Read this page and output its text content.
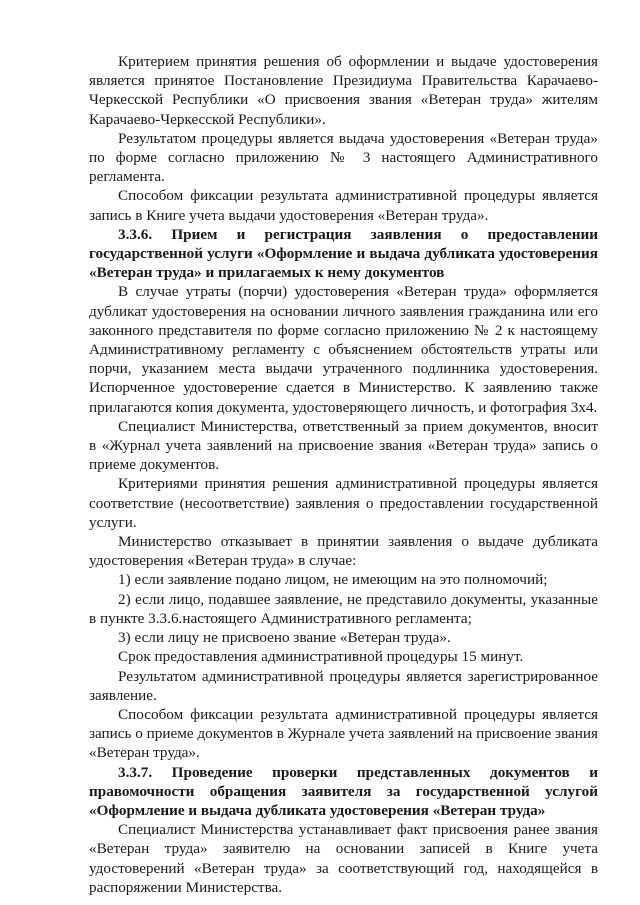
Критерием принятия решения об оформлении и выдаче удостоверения является принятое Постановление Президиума Правительства Карачаево-Черкесской Республики «О присвоения звания «Ветеран труда» жителям Карачаево-Черкесской Республики».

Результатом процедуры является выдача удостоверения «Ветеран труда» по форме согласно приложению № 3 настоящего Административного регламента.

Способом фиксации результата административной процедуры является запись в Книге учета выдачи удостоверения «Ветеран труда».

3.3.6. Прием и регистрация заявления о предоставлении государственной услуги «Оформление и выдача дубликата удостоверения «Ветеран труда» и прилагаемых к нему документов

В случае утраты (порчи) удостоверения «Ветеран труда» оформляется дубликат удостоверения на основании личного заявления гражданина или его законного представителя по форме согласно приложению № 2 к настоящему Административному регламенту с объяснением обстоятельств утраты или порчи, указанием места выдачи утраченного подлинника удостоверения. Испорченное удостоверение сдается в Министерство. К заявлению также прилагаются копия документа, удостоверяющего личность, и фотография 3х4.

Специалист Министерства, ответственный за прием документов, вносит в «Журнал учета заявлений на присвоение звания «Ветеран труда» запись о приеме документов.

Критериями принятия решения административной процедуры является соответствие (несоответствие) заявления о предоставлении государственной услуги.

Министерство отказывает в принятии заявления о выдаче дубликата удостоверения «Ветеран труда» в случае:

1) если заявление подано лицом, не имеющим на это полномочий;

2) если лицо, подавшее заявление, не представило документы, указанные в пункте 3.3.6.настоящего Административного регламента;

3) если лицу не присвоено звание «Ветеран труда».

Срок предоставления административной процедуры 15 минут.

Результатом административной процедуры является зарегистрированное заявление.

Способом фиксации результата административной процедуры является запись о приеме документов в Журнале учета заявлений на присвоение звания «Ветеран труда».

3.3.7. Проведение проверки представленных документов и правомочности обращения заявителя за государственной услугой «Оформление и выдача дубликата удостоверения «Ветеран труда»

Специалист Министерства устанавливает факт присвоения ранее звания «Ветеран труда» заявителю на основании записей в Книге учета удостоверений «Ветеран труда» за соответствующий год, находящейся в распоряжении Министерства.
